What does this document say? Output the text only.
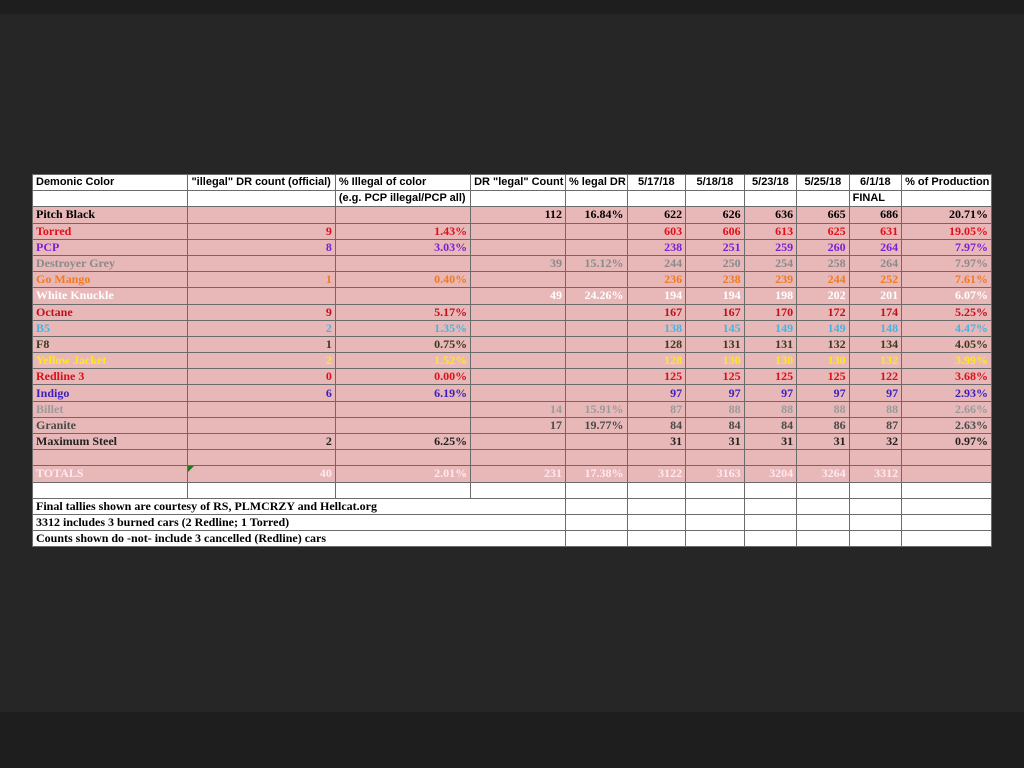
Demonic Color	"illegal" DR count (official)	% Illegal of color	DR "legal" Count	% legal DR	5/17/18	5/18/18	5/23/18	5/25/18	6/1/18	% of Production
		(e.g. PCP illegal/PCP all)							FINAL	
Pitch Black			112	16.84%	622	626	636	665	686	20.71%
Torred	9	1.43%			603	606	613	625	631	19.05%
PCP	8	3.03%			238	251	259	260	264	7.97%
Destroyer Grey			39	15.12%	244	250	254	258	264	7.97%
Go Mango	1	0.40%			236	238	239	244	252	7.61%
White Knuckle			49	24.26%	194	194	198	202	201	6.07%
Octane	9	5.17%			167	167	170	172	174	5.25%
B5	2	1.35%			138	145	149	149	148	4.47%
F8	1	0.75%			128	131	131	132	134	4.05%
Yellow Jacket	2	1.52%			128	130	130	130	132	3.99%
Redline 3	0	0.00%			125	125	125	125	122	3.68%
Indigo	6	6.19%			97	97	97	97	97	2.93%
Billet			14	15.91%	87	88	88	88	88	2.66%
Granite			17	19.77%	84	84	84	86	87	2.63%
Maximum Steel	2	6.25%			31	31	31	31	32	0.97%

TOTALS	40	2.01%	231	17.38%	3122	3163	3204	3264	3312	

Final tallies shown are courtesy of RS, PLMCRZY and Hellcat.org										
3312 includes 3 burned cars (2 Redline; 1 Torred)										
Counts shown do -not- include 3 cancelled (Redline) cars										
